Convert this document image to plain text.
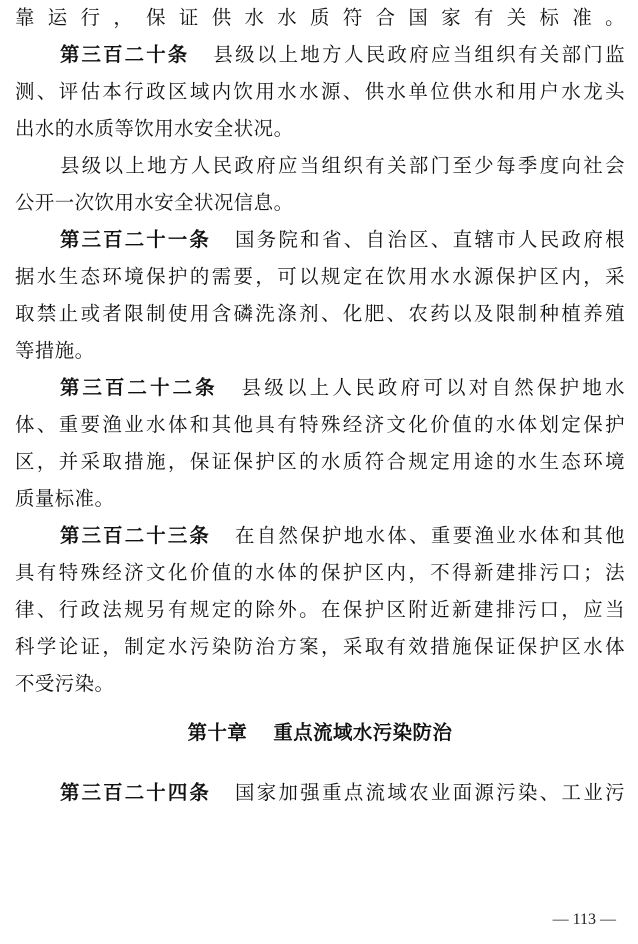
靠运行，保证供水水质符合国家有关标准。
第三百二十条 县级以上地方人民政府应当组织有关部门监
测、评估本行政区域内饮用水水源、供水单位供水和用户水龙头
出水的水质等饮用水安全状况。
县级以上地方人民政府应当组织有关部门至少每季度向社会
公开一次饮用水安全状况信息。
第三百二十一条 国务院和省、自治区、直辖市人民政府根
据水生态环境保护的需要，可以规定在饮用水水源保护区内，采
取禁止或者限制使用含磷洗涤剂、化肥、农药以及限制种植养殖
等措施。
第三百二十二条 县级以上人民政府可以对自然保护地水
体、重要渔业水体和其他具有特殊经济文化价值的水体划定保护
区，并采取措施，保证保护区的水质符合规定用途的水生态环境
质量标准。
第三百二十三条 在自然保护地水体、重要渔业水体和其他
具有特殊经济文化价值的水体的保护区内，不得新建排污口；法
律、行政法规另有规定的除外。在保护区附近新建排污口，应当
科学论证，制定水污染防治方案，采取有效措施保证保护区水体
不受污染。
第十章 重点流域水污染防治
第三百二十四条 国家加强重点流域农业面源污染、工业污
— 113 —
